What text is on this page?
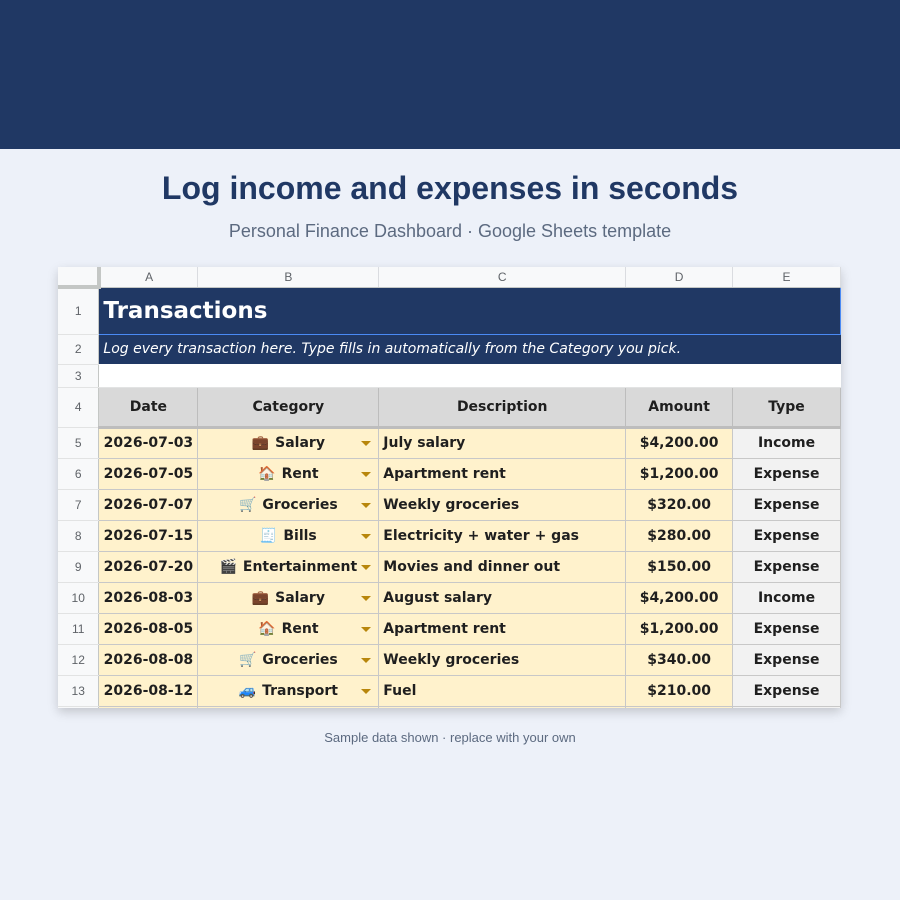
Log income and expenses in seconds
Personal Finance Dashboard · Google Sheets template
	A	B	C	D	E
1	Transactions				
2	Log every transaction here. Type fills in automatically from the Category you pick.				
3					
4	Date	Category	Description	Amount	Type
5	2026-07-03	💼 Salary	July salary	$4,200.00	Income
6	2026-07-05	🏠 Rent	Apartment rent	$1,200.00	Expense
7	2026-07-07	🛒 Groceries	Weekly groceries	$320.00	Expense
8	2026-07-15	🧾 Bills	Electricity + water + gas	$280.00	Expense
9	2026-07-20	🎬 Entertainment	Movies and dinner out	$150.00	Expense
10	2026-08-03	💼 Salary	August salary	$4,200.00	Income
11	2026-08-05	🏠 Rent	Apartment rent	$1,200.00	Expense
12	2026-08-08	🛒 Groceries	Weekly groceries	$340.00	Expense
13	2026-08-12	🚙 Transport	Fuel	$210.00	Expense

Sample data shown · replace with your own
